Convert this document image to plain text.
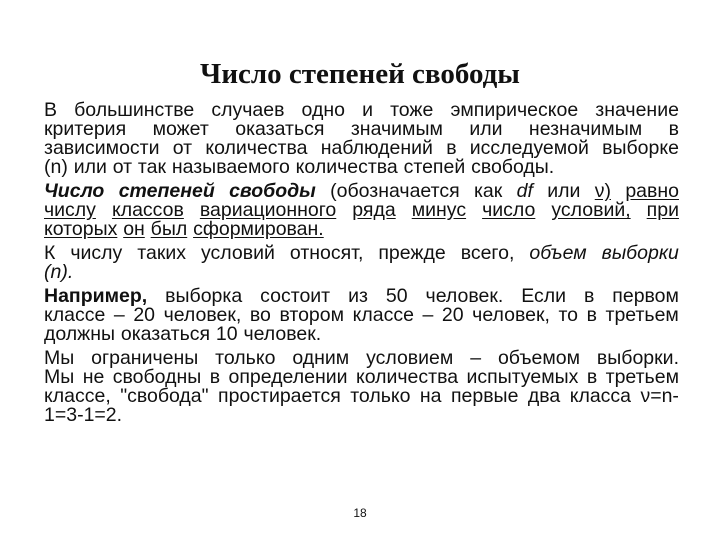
Число степеней свободы
В большинстве случаев одно и тоже эмпирическое значение
критерия может оказаться значимым или незначимым в
зависимости от количества наблюдений в исследуемой выборке
(n) или от так называемого количества степей свободы.
Число степеней свободы (обозначается как df или ν) равно
числу классов вариационного ряда минус число условий, при
которых он был сформирован.
К числу таких условий относят, прежде всего, объем выборки
(n).
Например, выборка состоит из 50 человек. Если в первом
классе – 20 человек, во втором классе – 20 человек, то в третьем
должны оказаться 10 человек.
Мы ограничены только одним условием – объемом выборки.
Мы не свободны в определении количества испытуемых в третьем
классе, "свобода" простирается только на первые два класса ν=n-
1=3-1=2.
18
